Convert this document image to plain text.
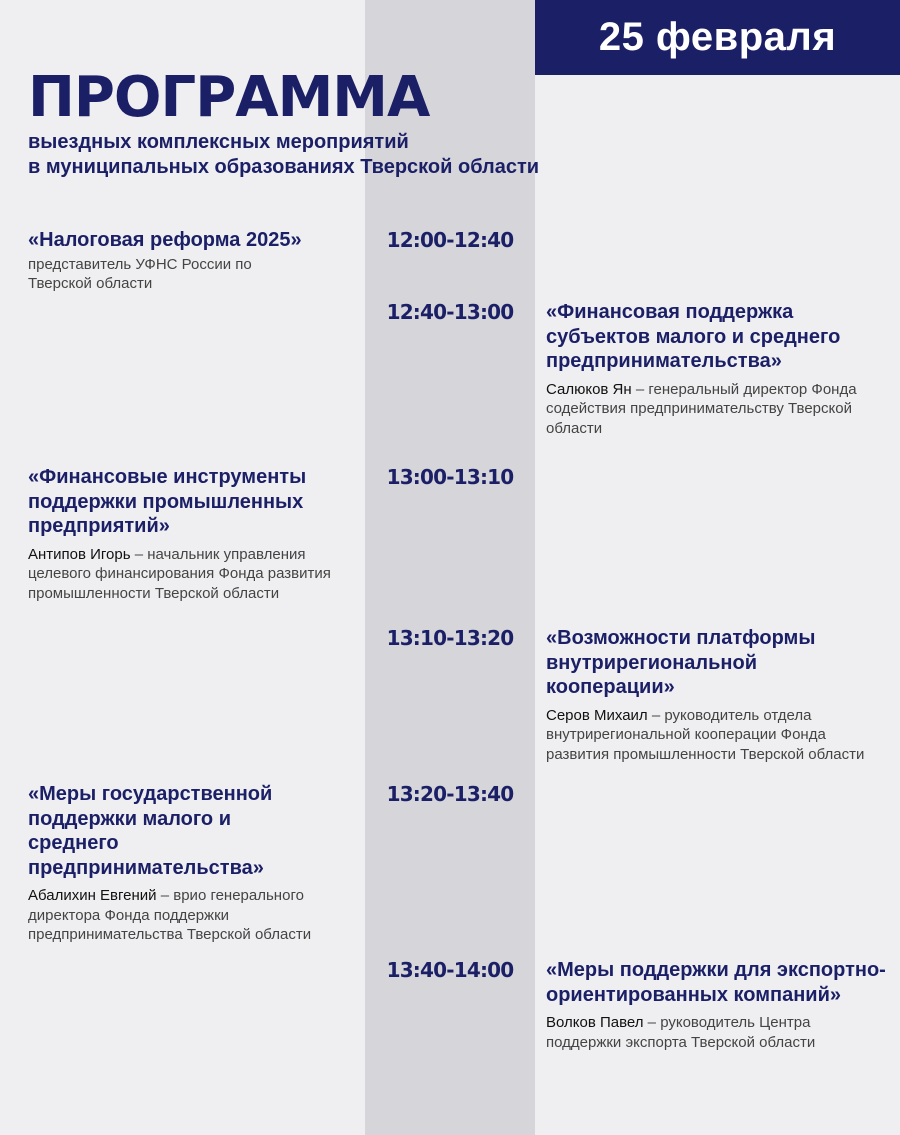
25 февраля
ПРОГРАММА
выездных комплексных мероприятий
в муниципальных образованиях Тверской области
12:00-12:40
«Налоговая реформа 2025»
представитель УФНС России по Тверской области
12:40-13:00	«Финансовая поддержка субъектов малого и среднего предпринимательства»
Салюков Ян – генеральный директор Фонда содействия предпринимательству Тверской области
13:00-13:10
«Финансовые инструменты поддержки промышленных предприятий»
Антипов Игорь – начальник управления целевого финансирования Фонда развития промышленности Тверской области
13:10-13:20	«Возможности платформы внутрирегиональной кооперации»
Серов Михаил – руководитель отдела внутрирегиональной кооперации Фонда развития промышленности Тверской области
13:20-13:40
«Меры государственной поддержки малого и среднего предпринимательства»
Абалихин Евгений – врио генерального директора Фонда поддержки предпринимательства Тверской области
13:40-14:00	«Меры поддержки для экспортно-ориентированных компаний»
Волков Павел – руководитель Центра поддержки экспорта Тверской области
